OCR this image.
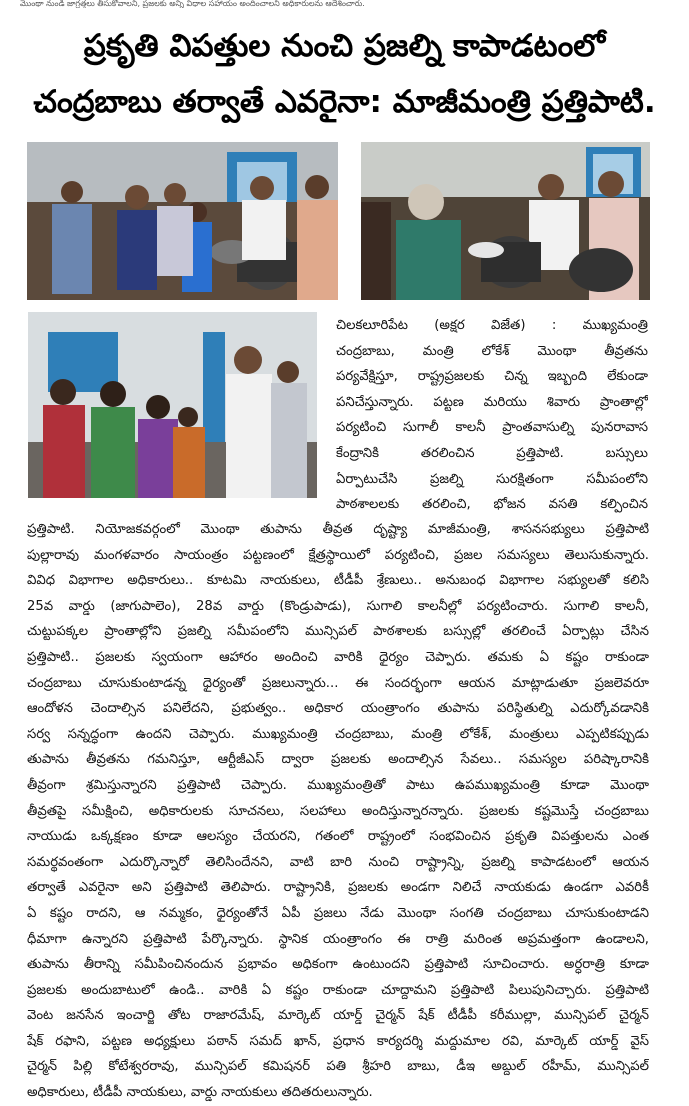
మొంథా నుండి జాగ్రత్తలు తీసుకోవాలని, ప్రజలకు అన్ని విధాల సహాయం అందించాలని అధికారులను ఆదేశించారు.
ప్రకృతి విపత్తుల నుంచి ప్రజల్ని కాపాడటంలో
చంద్రబాబు తర్వాతే ఎవరైనా: మాజీమంత్రి ప్రత్తిపాటి.
చిలకలూరిపేట (అక్షర విజేత) : ముఖ్యమంత్రి
చంద్రబాబు, మంత్రి లోకేశ్ మొంథా తీవ్రతను
పర్యవేక్షిస్తూ, రాష్ట్రప్రజలకు చిన్న ఇబ్బంది లేకుండా
పనిచేస్తున్నారు. పట్టణ మరియు శివారు ప్రాంతాల్లో
పర్యటించి సుగాలీ కాలనీ ప్రాంతవాసుల్ని పునరావాస
కేంద్రానికి తరలించిన ప్రత్తిపాటి. బస్సులు
ఏర్పాటుచేసి ప్రజల్ని సురక్షితంగా సమీపంలోని
పాఠశాలలకు తరలించి, భోజన వసతి కల్పించిన
ప్రత్తిపాటి. నియోజకవర్గంలో మొంథా తుపాను తీవ్రత దృష్ట్యా మాజీమంత్రి, శాసనసభ్యులు ప్రత్తిపాటి
పుల్లారావు మంగళవారం సాయంత్రం పట్టణంలో క్షేత్రస్థాయిలో పర్యటించి, ప్రజల సమస్యలు తెలుసుకున్నారు.
వివిధ విభాగాల అధికారులు.. కూటమి నాయకులు, టీడీపీ శ్రేణులు.. అనుబంధ విభాగాల సభ్యులతో కలిసి
25వ వార్డు (జాగుపాలెం), 28వ వార్డు (కొండ్రుపాడు), సుగాలి కాలనీల్లో పర్యటించారు. సుగాలి కాలనీ,
చుట్టుపక్కల ప్రాంతాల్లోని ప్రజల్ని సమీపంలోని మున్సిపల్ పాఠశాలకు బస్సుల్లో తరలించే ఏర్పాట్లు చేసిన
ప్రత్తిపాటి.. ప్రజలకు స్వయంగా ఆహారం అందించి వారికి ధైర్యం చెప్పారు. తమకు ఏ కష్టం రాకుండా
చంద్రబాబు చూసుకుంటాడన్న ధైర్యంతో ప్రజలున్నారు... ఈ సందర్భంగా ఆయన మాట్లాడుతూ ప్రజలెవరూ
ఆందోళన చెందాల్సిన పనిలేదని, ప్రభుత్వం.. అధికార యంత్రాంగం తుపాను పరిస్థితుల్ని ఎదుర్కోవడానికి
సర్వ సన్నద్ధంగా ఉందని చెప్పారు. ముఖ్యమంత్రి చంద్రబాబు, మంత్రి లోకేశ్, మంత్రులు ఎప్పటికప్పుడు
తుపాను తీవ్రతను గమనిస్తూ, ఆర్టీజీఎస్ ద్వారా ప్రజలకు అందాల్సిన సేవలు.. సమస్యల పరిష్కారానికి
తీవ్రంగా శ్రమిస్తున్నారని ప్రత్తిపాటి చెప్పారు. ముఖ్యమంత్రితో పాటు ఉపముఖ్యమంత్రి కూడా మొంథా
తీవ్రతపై సమీక్షించి, అధికారులకు సూచనలు, సలహాలు అందిస్తున్నారన్నారు. ప్రజలకు కష్టమొస్తే చంద్రబాబు
నాయుడు ఒక్కక్షణం కూడా ఆలస్యం చేయరని, గతంలో రాష్ట్రంలో సంభవించిన ప్రకృతి విపత్తులను ఎంత
సమర్థవంతంగా ఎదుర్కొన్నారో తెలిసిందేనని, వాటి బారి నుంచి రాష్ట్రాన్ని, ప్రజల్ని కాపాడటంలో ఆయన
తర్వాతే ఎవరైనా అని ప్రత్తిపాటి తెలిపారు. రాష్ట్రానికి, ప్రజలకు అండగా నిలిచే నాయకుడు ఉండగా ఎవరికీ
ఏ కష్టం రాదని, ఆ నమ్మకం, ధైర్యంతోనే ఏపీ ప్రజలు నేడు మొంథా సంగతి చంద్రబాబు చూసుకుంటాడని
ధీమాగా ఉన్నారని ప్రత్తిపాటి పేర్కొన్నారు. స్థానిక యంత్రాంగం ఈ రాత్రి మరింత అప్రమత్తంగా ఉండాలని,
తుపాను తీరాన్ని సమీపించినందున ప్రభావం అధికంగా ఉంటుందని ప్రత్తిపాటి సూచించారు. అర్ధరాత్రి కూడా
ప్రజలకు అందుబాటులో ఉండి.. వారికి ఏ కష్టం రాకుండా చూద్దామని ప్రత్తిపాటి పిలుపునిచ్చారు. ప్రత్తిపాటి
వెంట జనసేన ఇంచార్జి తోట రాజారమేష్, మార్కెట్ యార్డ్ చైర్మన్ షేక్ టీడీపీ కరీముల్లా, మున్సిపల్ చైర్మన్
షేక్ రఫాని, పట్టణ అధ్యక్షులు పఠాన్ సమద్ ఖాన్, ప్రధాన కార్యదర్శి మద్దుమాల రవి, మార్కెట్ యార్డ్ వైస్
చైర్మన్ పిల్లి కోటేశ్వరరావు, మున్సిపల్ కమిషనర్ పతి శ్రీహరి బాబు, డీఇ అబ్దుల్ రహీమ్, మున్సిపల్
అధికారులు, టీడీపీ నాయకులు, వార్డు నాయకులు తదితరులున్నారు.
